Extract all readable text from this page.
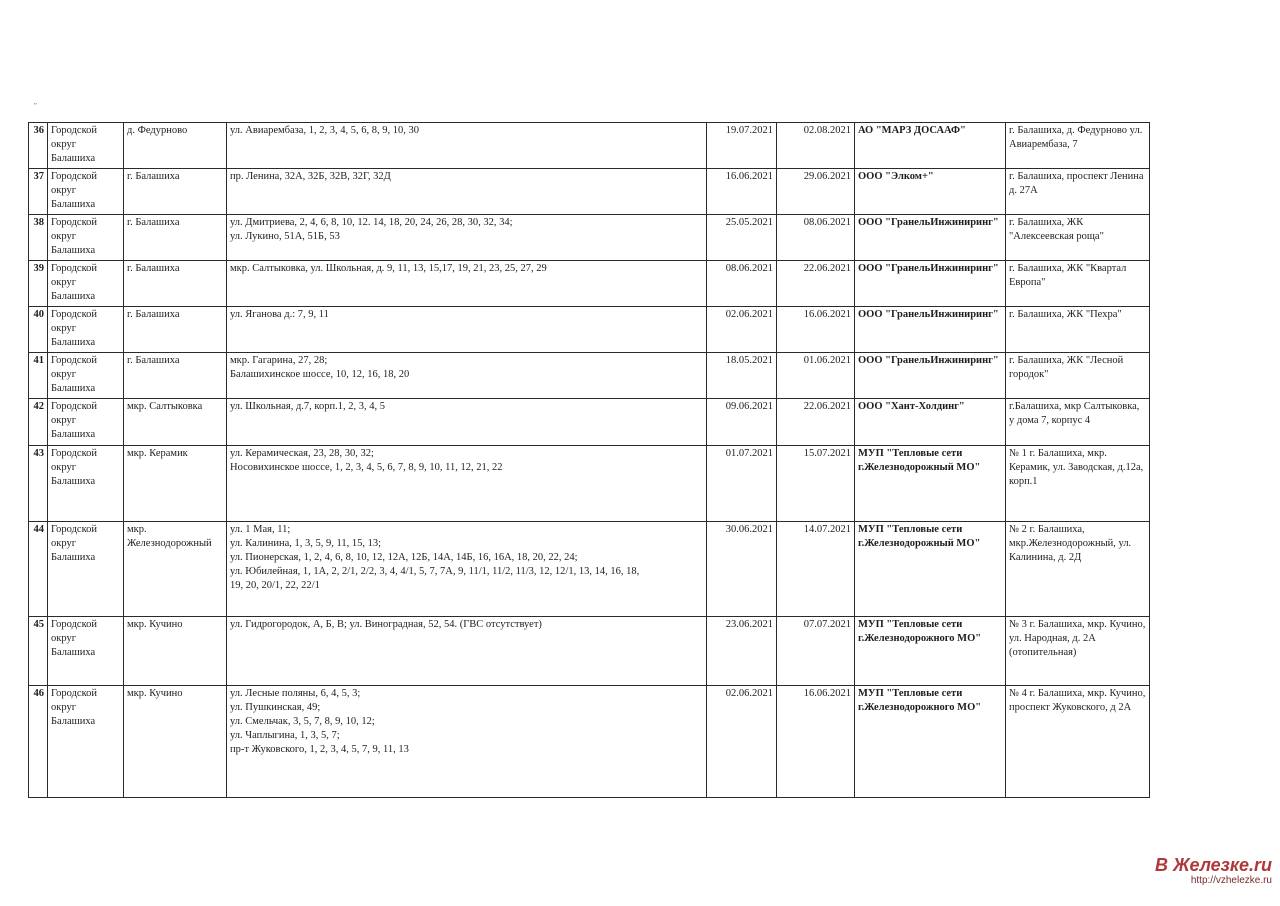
"
36	Городской округ Балашиха	д. Федурново	ул. Авиарембаза, 1, 2, 3, 4, 5, 6, 8, 9, 10, 30	19.07.2021	02.08.2021	АО "МАРЗ ДОСААФ"	г. Балашиха, д. Федурново ул. Авиарембаза, 7

37	Городской округ Балашиха	г. Балашиха	пр. Ленина, 32А, 32Б, 32В, 32Г, 32Д	16.06.2021	29.06.2021	ООО "Элком+"	г. Балашиха, проспект Ленина д. 27А

38	Городской округ Балашиха	г. Балашиха	ул. Дмитриева, 2, 4, 6, 8, 10, 12. 14, 18, 20, 24, 26, 28, 30, 32, 34;
ул. Лукино, 51А, 51Б, 53	25.05.2021	08.06.2021	ООО "ГранельИнжиниринг"	г. Балашиха, ЖК "Алексеевская роща"

39	Городской округ Балашиха	г. Балашиха	мкр. Салтыковка, ул. Школьная, д. 9, 11, 13, 15,17, 19, 21, 23, 25, 27, 29	08.06.2021	22.06.2021	ООО "ГранельИнжиниринг"	г. Балашиха, ЖК "Квартал Европа"

40	Городской округ Балашиха	г. Балашиха	ул. Яганова д.: 7, 9, 11	02.06.2021	16.06.2021	ООО "ГранельИнжиниринг"	г. Балашиха, ЖК "Пехра"

41	Городской округ Балашиха	г. Балашиха	мкр. Гагарина, 27, 28;
Балашихинское шоссе, 10, 12, 16, 18, 20	18.05.2021	01.06.2021	ООО "ГранельИнжиниринг"	г. Балашиха, ЖК "Лесной городок"

42	Городской округ Балашиха	мкр. Салтыковка	ул. Школьная, д.7, корп.1, 2, 3, 4, 5	09.06.2021	22.06.2021	ООО "Хант-Холдинг"	г.Балашиха, мкр Салтыковка, у дома 7, корпус 4

43	Городской округ Балашиха	мкр. Керамик	ул. Керамическая, 23, 28, 30, 32;
Носовихинское шоссе, 1, 2, 3, 4, 5, 6, 7, 8, 9, 10, 11, 12, 21, 22	01.07.2021	15.07.2021	МУП "Тепловые сети г.Железнодорожный МО"	№ 1 г. Балашиха, мкр. Керамик, ул. Заводская, д.12а, корп.1

44	Городской округ Балашиха	мкр. Железнодорожный	ул. 1 Мая, 11;
ул. Калинина, 1, 3, 5, 9, 11, 15, 13;
ул. Пионерская, 1, 2, 4, 6, 8, 10, 12, 12А, 12Б, 14А, 14Б, 16, 16А, 18, 20, 22, 24;
ул. Юбилейная, 1, 1А, 2, 2/1, 2/2, 3, 4, 4/1, 5, 7, 7А, 9, 11/1, 11/2, 11/3, 12, 12/1, 13, 14, 16, 18,
19, 20, 20/1, 22, 22/1	30.06.2021	14.07.2021	МУП "Тепловые сети г.Железнодорожный МО"	№ 2 г. Балашиха, мкр.Железнодорожный, ул. Калинина, д. 2Д

45	Городской округ Балашиха	мкр. Кучино	ул. Гидрогородок, А, Б, В; ул. Виноградная, 52, 54. (ГВС отсутствует)	23.06.2021	07.07.2021	МУП "Тепловые сети г.Железнодорожного МО"	№ 3 г. Балашиха, мкр. Кучино, ул. Народная, д. 2А (отопительная)

46	Городской округ Балашиха	мкр. Кучино	ул. Лесные поляны, 6, 4, 5, 3;
ул. Пушкинская, 49;
ул. Смельчак, 3, 5, 7, 8, 9, 10, 12;
ул. Чаплыгина, 1, 3, 5, 7;
пр-т Жуковского, 1, 2, 3, 4, 5, 7, 9, 11, 13	02.06.2021	16.06.2021	МУП "Тепловые сети г.Железнодорожного МО"	№ 4 г. Балашиха, мкр. Кучино, проспект Жуковского, д 2А
В Железке.ru
http://vzhelezke.ru
